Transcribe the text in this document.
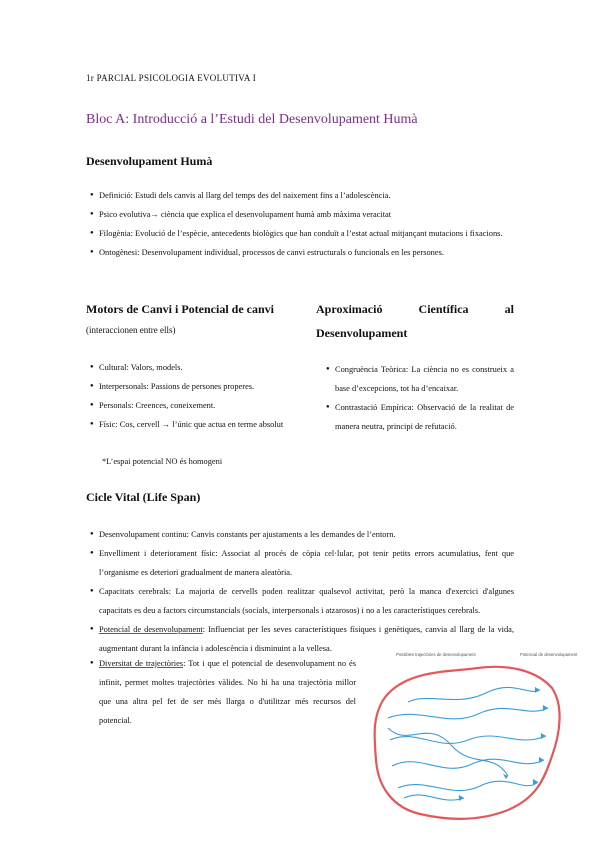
1r PARCIAL PSICOLOGIA EVOLUTIVA I
Bloc A: Introducció a l’Estudi del Desenvolupament Humà
Desenvolupament Humà
● Definició: Estudi dels canvis al llarg del temps des del naixement fins a l’adolescència.
● Psico evolutiva→ ciència que explica el desenvolupament humà amb màxima veracitat
● Filogènia: Evolució de l’espècie, antecedents biològics que han conduït a l’estat actual mitjançant mutacions i fixacions.
● Ontogènesi: Desenvolupament individual, processos de canvi estructurals o funcionals en les persones.
Motors de Canvi i Potencial de canvi
(interaccionen entre ells)
● Cultural: Valors, models.
● Interpersonals: Passions de persones properes.
● Personals: Creences, coneixement.
● Físic: Cos, cervell → l’únic que actua en terme absolut
*L’espai potencial NO és homogeni
Aproximació Científica al
Desenvolupament
● Congruència Teòrica: La ciència no es construeix a base d’excepcions, tot ha d’encaixar.
● Contrastació Empírica: Observació de la realitat de manera neutra, principi de refutació.
Cicle Vital (Life Span)
● Desenvolupament continu: Canvis constants per ajustaments a les demandes de l’entorn.
● Envelliment i deteriorament físic: Associat al procés de còpia cel·lular, pot tenir petits errors acumulatius, fent que l’organisme es deteriori gradualment de manera aleatòria.
● Capacitats cerebrals: La majoria de cervells poden realitzar qualsevol activitat, però la manca d'exercici d'algunes capacitats es deu a factors circumstancials (socials, interpersonals i atzarosos) i no a les característiques cerebrals.
● Potencial de desenvolupament: Influenciat per les seves característiques físiques i genètiques, canvia al llarg de la vida, augmentant durant la infància i adolescència i disminuint a la vellesa.
● Diversitat de trajectòries: Tot i que el potencial de desenvolupament no és infinit, permet moltes trajectòries vàlides. No hi ha una trajectòria millor que una altra pel fet de ser més llarga o d'utilitzar més recursos del potencial.
Possibles trajectòries de desenvolupament	Potencial de desenvolupament
